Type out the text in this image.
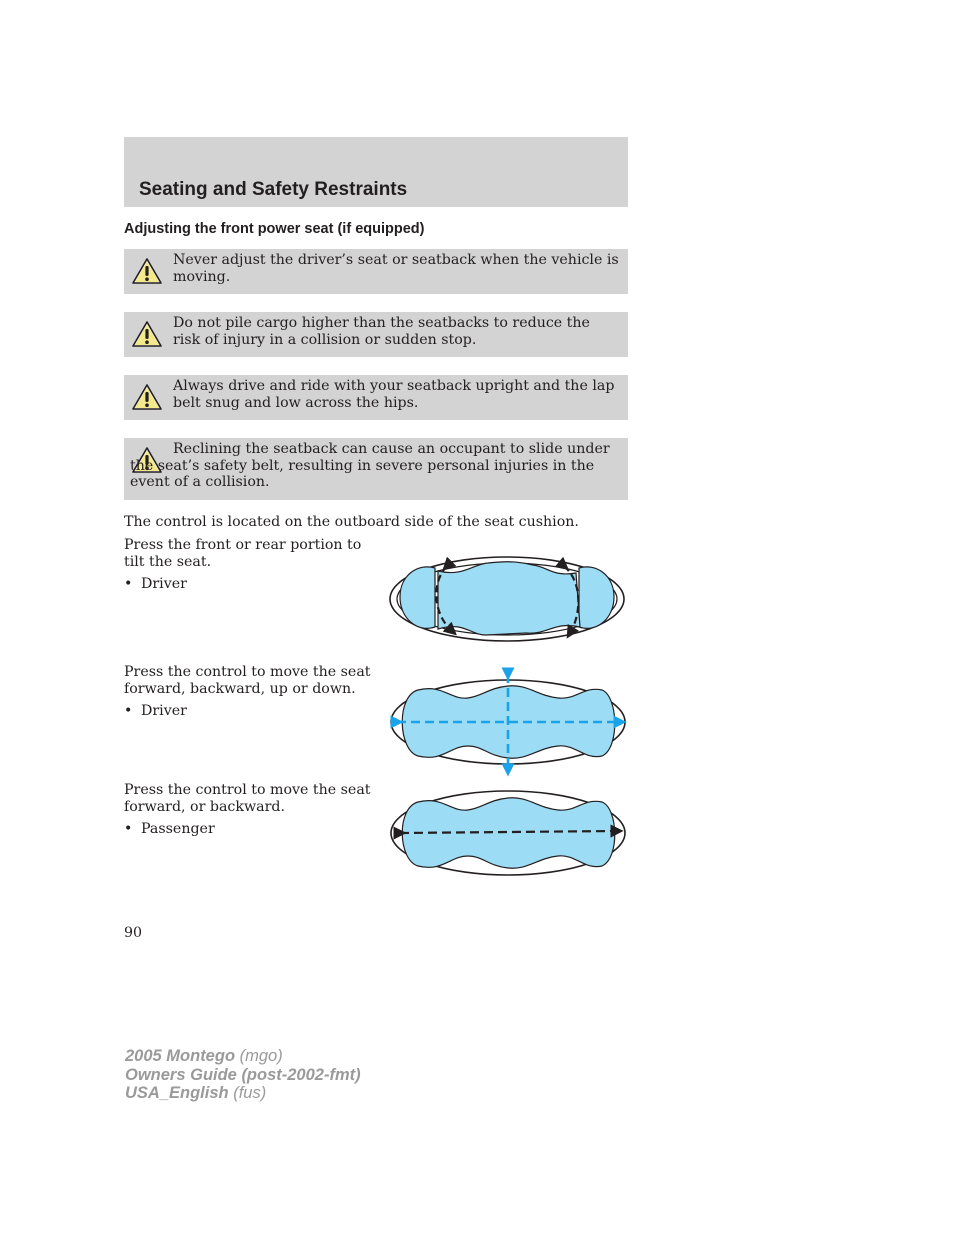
Seating and Safety Restraints
Adjusting the front power seat (if equipped)
Never adjust the driver’s seat or seatback when the vehicle is moving.
Do not pile cargo higher than the seatbacks to reduce the risk of injury in a collision or sudden stop.
Always drive and ride with your seatback upright and the lap belt snug and low across the hips.
Reclining the seatback can cause an occupant to slide under the seat’s safety belt, resulting in severe personal injuries in the event of a collision.

The control is located on the outboard side of the seat cushion.

Press the front or rear portion to tilt the seat.

• Driver

Press the control to move the seat forward, backward, up or down.

• Driver

Press the control to move the seat forward, or backward.

• Passenger
90
2005 Montego (mgo)
Owners Guide (post-2002-fmt)
USA_English (fus)
